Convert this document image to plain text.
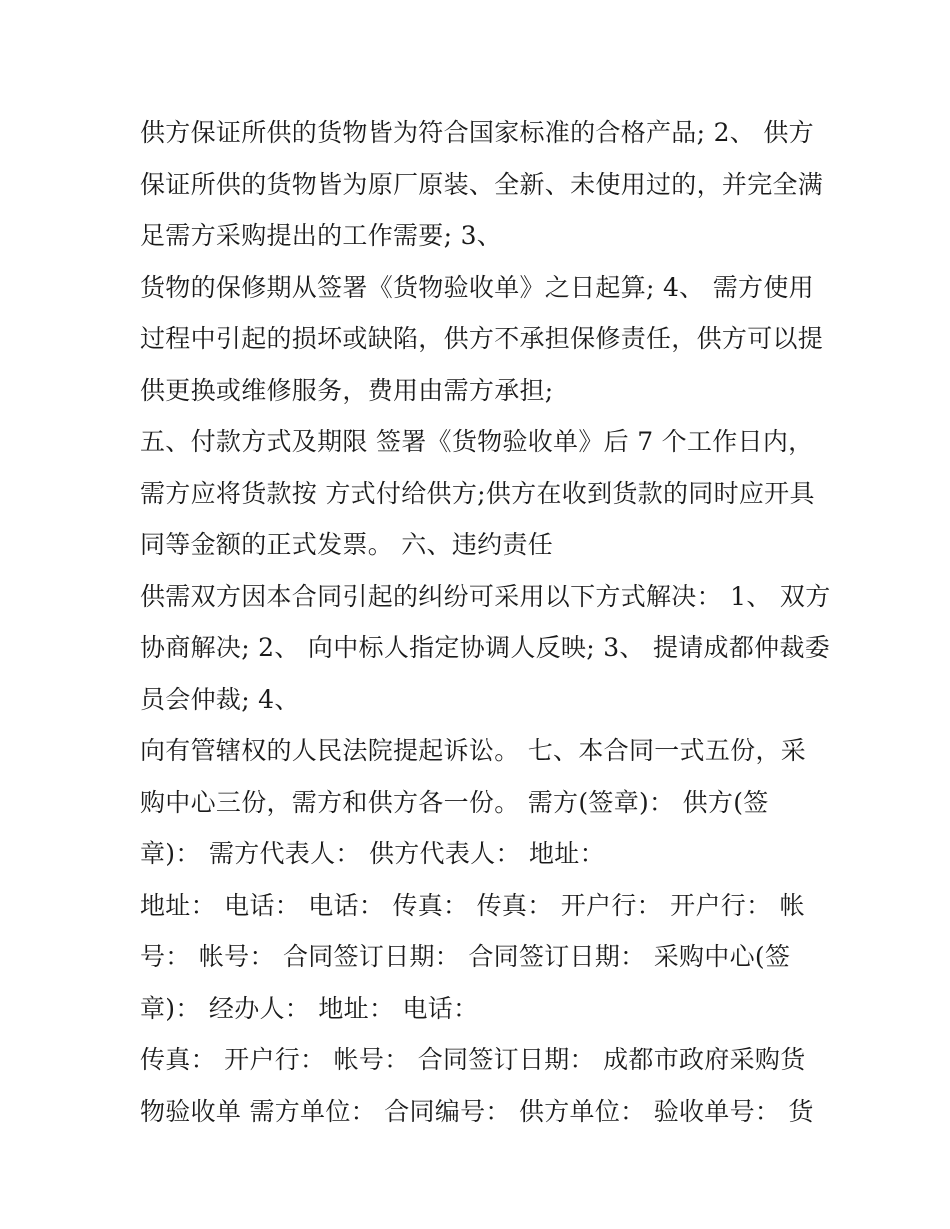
供方保证所供的货物皆为符合国家标准的合格产品; 2、 供方
保证所供的货物皆为原厂原装、全新、未使用过的，并完全满
足需方采购提出的工作需要; 3、
货物的保修期从签署《货物验收单》之日起算; 4、 需方使用
过程中引起的损坏或缺陷，供方不承担保修责任，供方可以提
供更换或维修服务，费用由需方承担;
五、付款方式及期限 签署《货物验收单》后 7 个工作日内，
需方应将货款按 方式付给供方;供方在收到货款的同时应开具
同等金额的正式发票。 六、违约责任
供需双方因本合同引起的纠纷可采用以下方式解决： 1、 双方
协商解决; 2、 向中标人指定协调人反映; 3、 提请成都仲裁委
员会仲裁; 4、
向有管辖权的人民法院提起诉讼。 七、本合同一式五份，采
购中心三份，需方和供方各一份。 需方(签章)： 供方(签
章)： 需方代表人： 供方代表人： 地址：
地址： 电话： 电话： 传真： 传真： 开户行： 开户行： 帐
号： 帐号： 合同签订日期： 合同签订日期： 采购中心(签
章)： 经办人： 地址： 电话：
传真： 开户行： 帐号： 合同签订日期： 成都市政府采购货
物验收单 需方单位： 合同编号： 供方单位： 验收单号： 货
